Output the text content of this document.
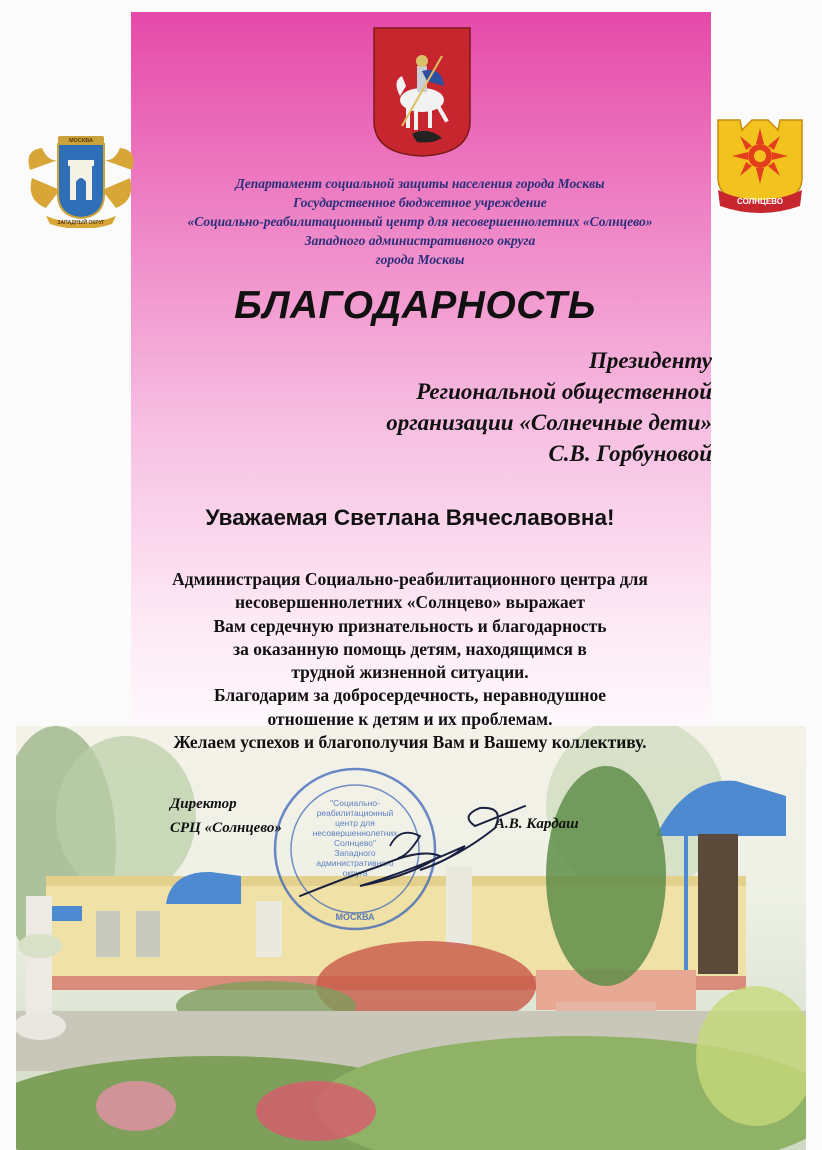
МОСКВА
ЗАПАДНЫЙ ОКРУГ
СОЛНЦЕВО
Департамент социальной защиты населения города Москвы
Государственное бюджетное учреждение
«Социально-реабилитационный центр для несовершеннолетних «Солнцево»
Западного административного округа
города Москвы
БЛАГОДАРНОСТЬ
Президенту
Региональной общественной
организации «Солнечные дети»
С.В. Горбуновой
Уважаемая Светлана Вячеславовна!
Администрация Социально-реабилитационного центра для
несовершеннолетних «Солнцево» выражает
Вам сердечную признательность и благодарность
за оказанную помощь детям, находящимся в
трудной жизненной ситуации.
Благодарим за добросердечность, неравнодушное
отношение к детям и их проблемам.
Желаем успехов и благополучия Вам и Вашему коллективу.
"Социально-
реабилитационный
центр для
несовершеннолетних
Солнцево"
Западного
административного
округа
МОСКВА
Директор
СРЦ «Солнцево»	А.В. Кардаш
